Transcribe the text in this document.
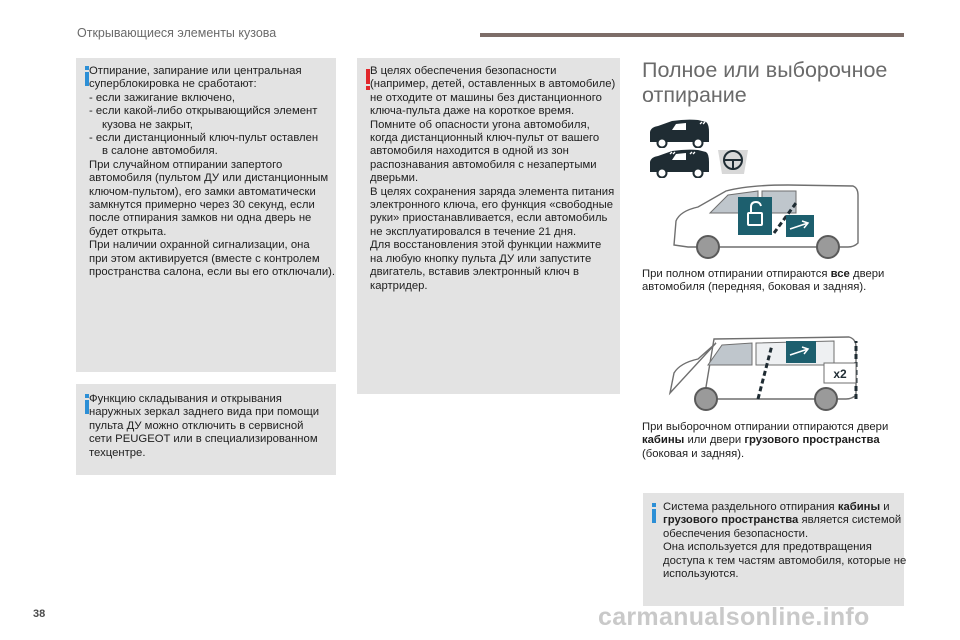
Открывающиеся элементы кузова

Отпирание, запирание или центральная

суперблокировка не сработают:

- если зажигание включено,

- если какой-либо открывающийся элемент

кузова не закрыт,

- если дистанционный ключ-пульт оставлен

в салоне автомобиля.

При случайном отпирании запертого

автомобиля (пультом ДУ или дистанционным

ключом-пультом), его замки автоматически

замкнутся примерно через 30 секунд, если

после отпирания замков ни одна дверь не

будет открыта.

При наличии охранной сигнализации, она

при этом активируется (вместе с контролем

пространства салона, если вы его отключали).

Функцию складывания и открывания

наружных зеркал заднего вида при помощи

пульта ДУ можно отключить в сервисной

сети PEUGEOT или в специализированном

техцентре.

В целях обеспечения безопасности

(например, детей, оставленных в автомобиле)

не отходите от машины без дистанционного

ключа-пульта даже на короткое время.

Помните об опасности угона автомобиля,

когда дистанционный ключ-пульт от вашего

автомобиля находится в одной из зон

распознавания автомобиля с незапертыми

дверьми.

В целях сохранения заряда элемента питания

электронного ключа, его функция «свободные

руки» приостанавливается, если автомобиль

не эксплуатировался в течение 21 дня.

Для восстановления этой функции нажмите

на любую кнопку пульта ДУ или запустите

двигатель, вставив электронный ключ в

картридер.

Полное или выборочное
отпирание
При полном отпирании отпираются все двери
автомобиля (передняя, боковая и задняя).
x2
При выборочном отпирании отпираются двери
кабины или двери грузового пространства
(боковая и задняя).

Система раздельного отпирания кабины и

грузового пространства является системой

обеспечения безопасности.

Она используется для предотвращения

доступа к тем частям автомобиля, которые не

используются.

38	carmanualsonline.info
